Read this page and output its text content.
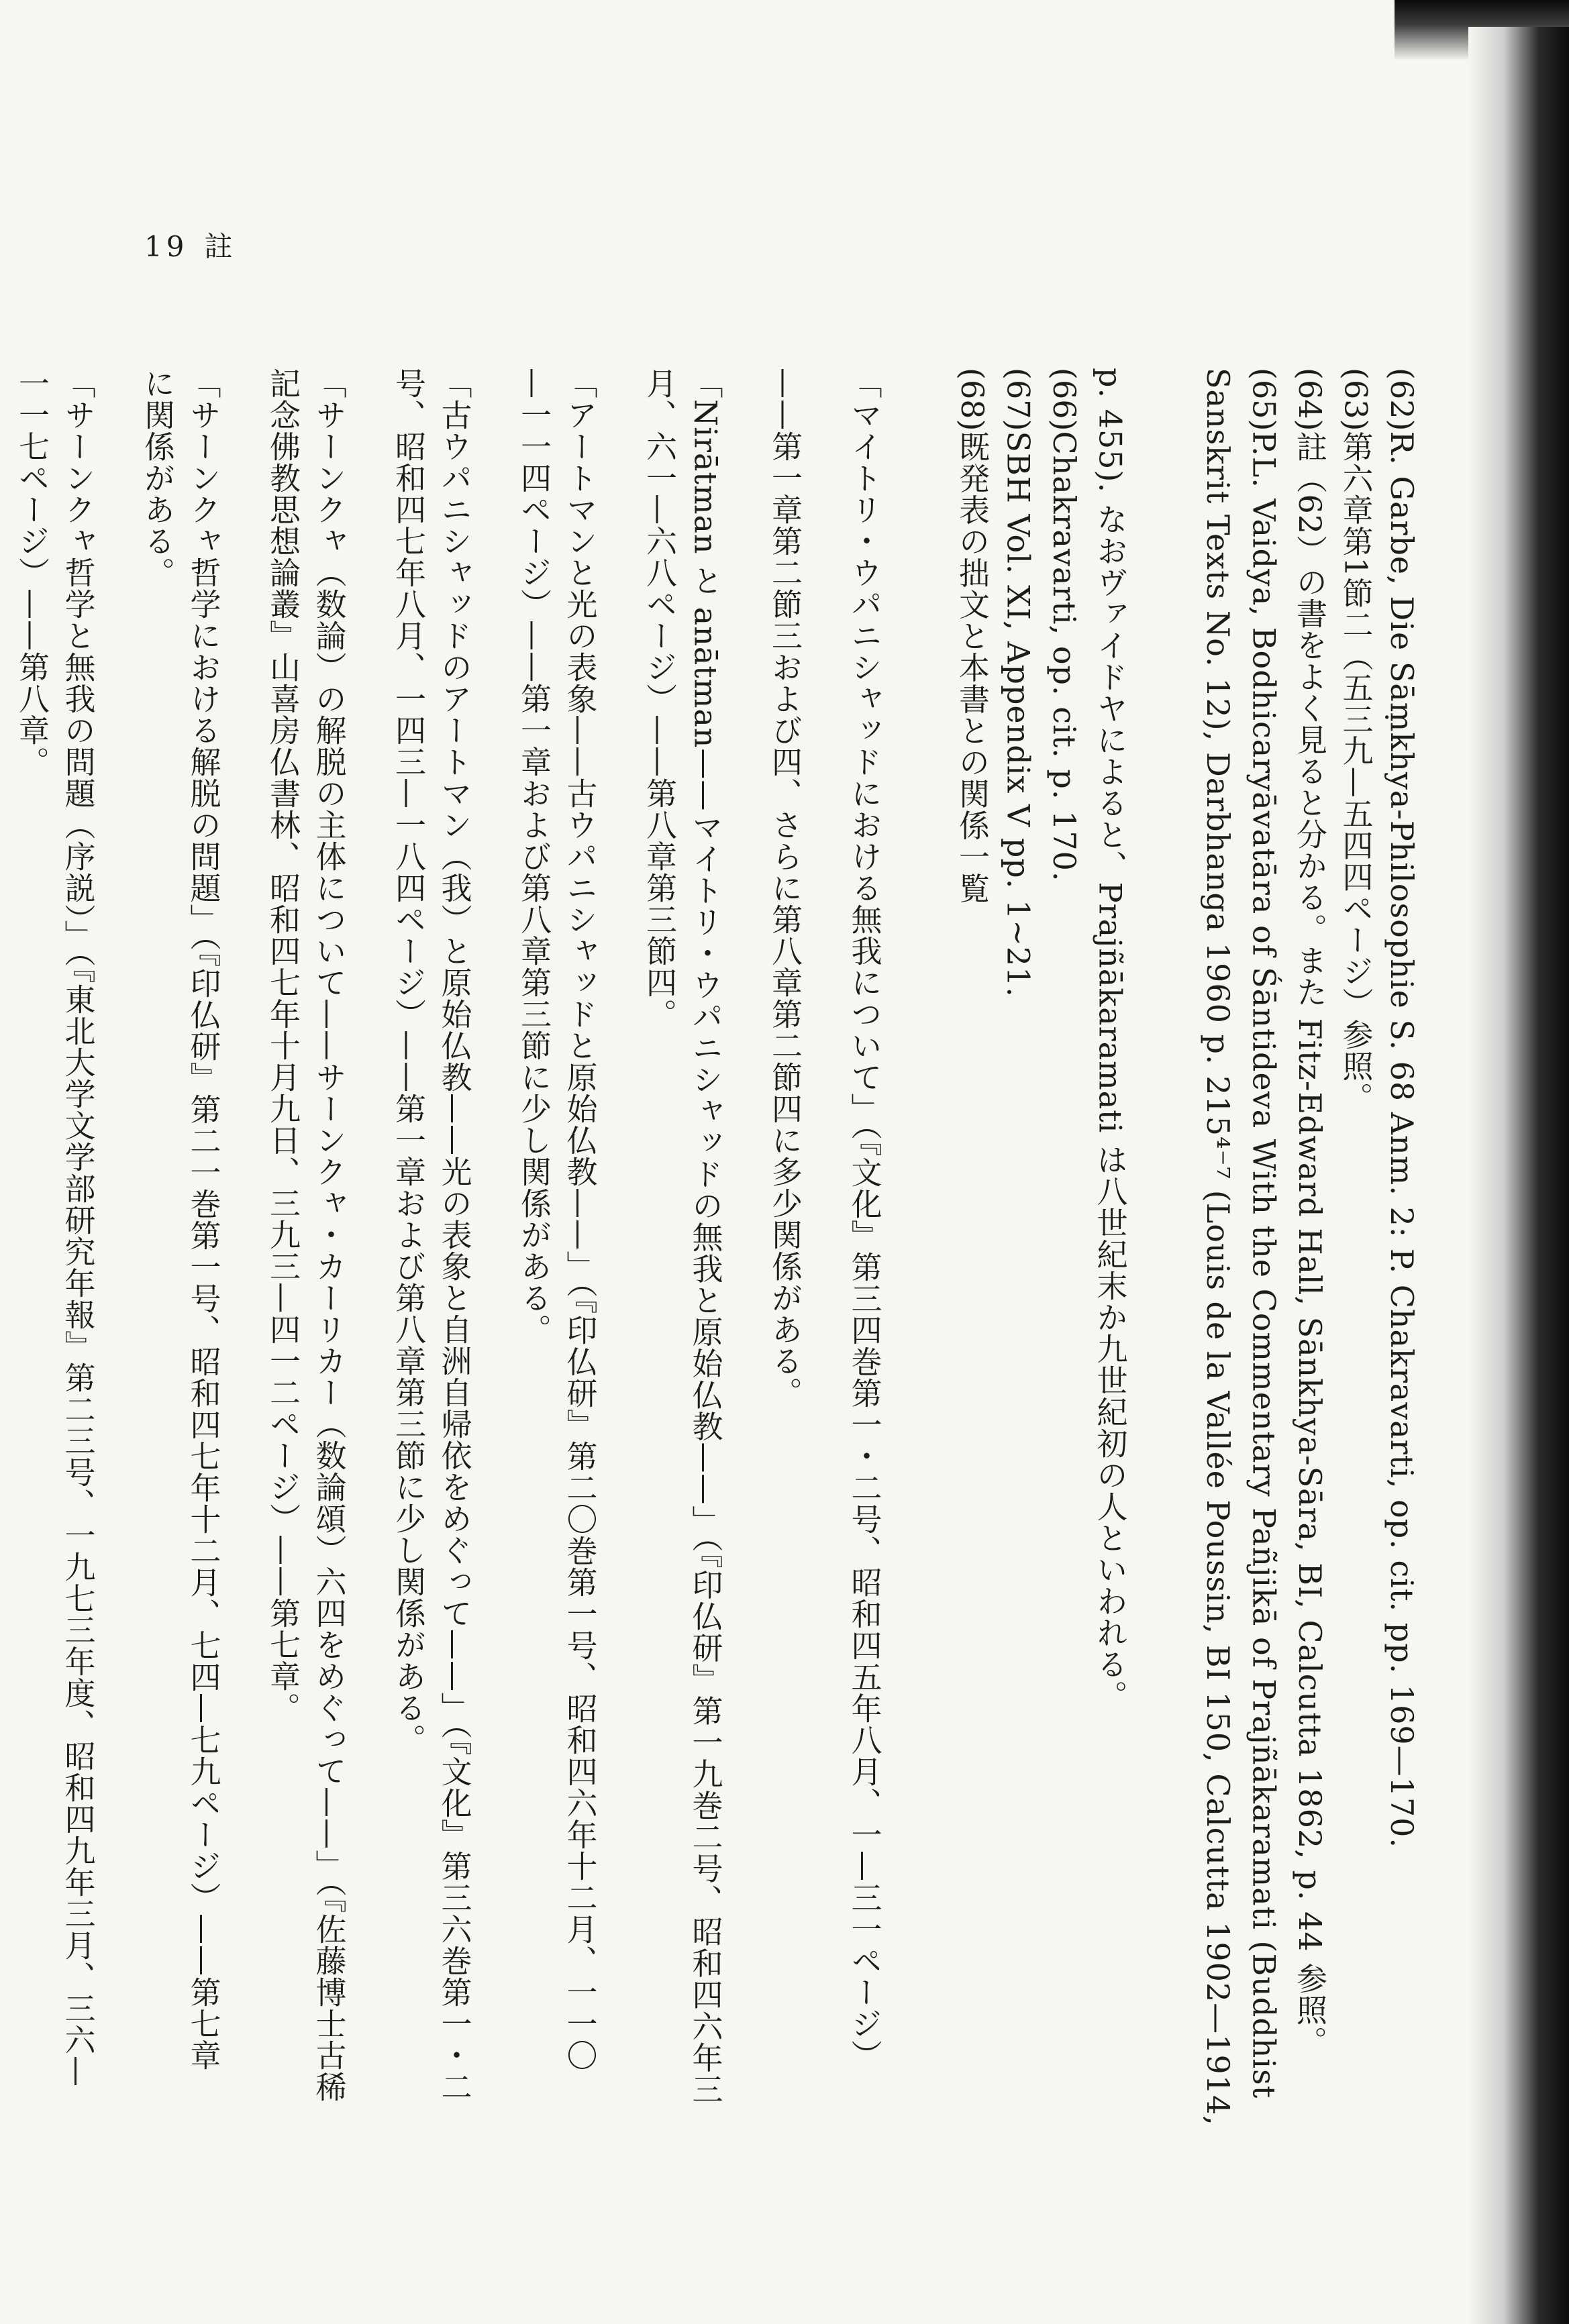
19 註
(62)R. Garbe, Die Sāṃkhya-Philosophie S. 68 Anm. 2: P. Chakravarti, op. cit. pp. 169—170.
(63)第六章第1節二（五三九—五四四ページ）参照。
(64)註（62）の書をよく見ると分かる。また Fitz-Edward Hall, Sānkhya-Sāra, BI, Calcutta 1862, p. 44 参照。
(65)P.L. Vaidya, Bodhicaryāvatāra of Śāntideva With the Commentary Pañjikā of Prajñākaramati (Buddhist
Sanskrit Texts No. 12), Darbhanga 1960 p. 215⁴⁻⁷ (Louis de la Vallée Poussin, BI 150, Calcutta 1902—1914,
p. 455). なおヴァイドヤによると、Prajñākaramati は八世紀末か九世紀初の人といわれる。
(66)Chakravarti, op. cit. p. 170.
(67)SBH Vol. XI, Appendix V pp. 1~21.
(68)既発表の拙文と本書との関係一覧
「マイトリ・ウパニシャッドにおける無我について」（『文化』第三四巻第一・二号、昭和四五年八月、一—三一ページ）
——第一章第二節三および四、さらに第八章第二節四に多少関係がある。
「Nirātman と anātman——マイトリ・ウパニシャッドの無我と原始仏教——」（『印仏研』第一九巻二号、昭和四六年三
月、六一—六八ページ）——第八章第三節四。
「アートマンと光の表象——古ウパニシャッドと原始仏教——」（『印仏研』第二〇巻第一号、昭和四六年十二月、一一〇
—一一四ページ）——第一章および第八章第三節に少し関係がある。
「古ウパニシャッドのアートマン（我）と原始仏教——光の表象と自洲自帰依をめぐって——」（『文化』第三六巻第一・二
号、昭和四七年八月、一四三—一八四ページ）——第一章および第八章第三節に少し関係がある。
「サーンクャ（数論）の解脱の主体について——サーンクャ・カーリカー（数論頌）六四をめぐって——」（『佐藤博士古稀
記念佛教思想論叢』山喜房仏書林、昭和四七年十月九日、三九三—四一二ページ）——第七章。
「サーンクャ哲学における解脱の問題」（『印仏研』第二一巻第一号、昭和四七年十二月、七四—七九ページ）——第七章
に関係がある。
「サーンクャ哲学と無我の問題（序説）」（『東北大学文学部研究年報』第二三号、一九七三年度、昭和四九年三月、三六—
一一七ページ）——第八章。
